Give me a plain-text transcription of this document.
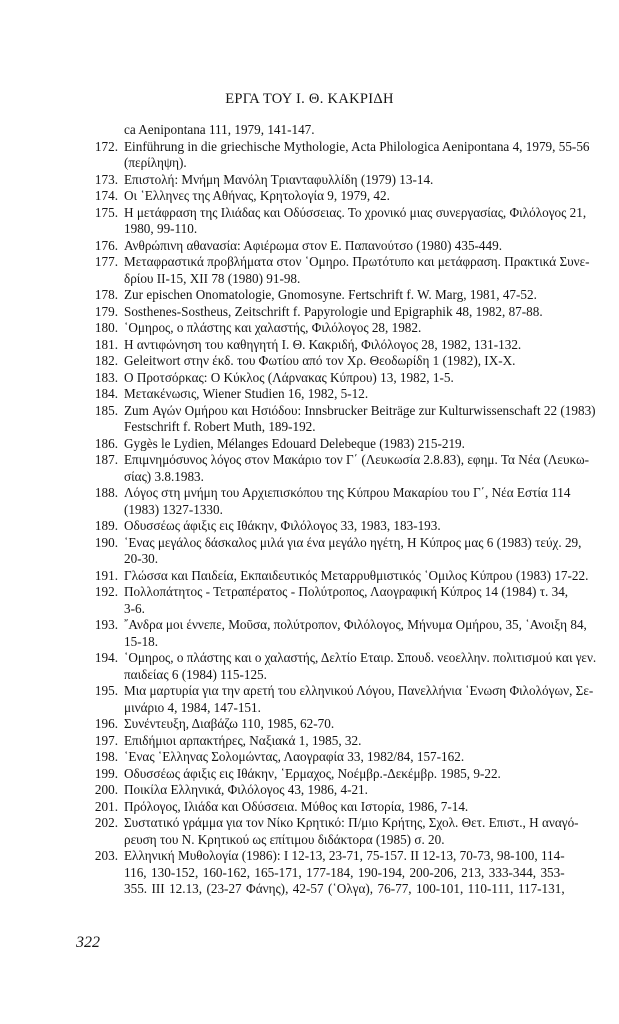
ΕΡΓΑ ΤΟΥ Ι. Θ. ΚΑΚΡΙΔΗ
ca Aenipontana 111, 1979, 141-147.
172. Einführung in die griechische Mythologie, Acta Philologica Aenipontana 4, 1979, 55-56
(περίληψη).
173. Επιστολή: Μνήμη Μανόλη Τριανταφυλλίδη (1979) 13-14.
174. Οι ῾Ελληνες της Αθήνας, Κρητολογία 9, 1979, 42.
175. Η μετάφραση της Ιλιάδας και Οδύσσειας. Το χρονικό μιας συνεργασίας, Φιλόλογος 21,
1980, 99-110.
176. Ανθρώπινη αθανασία: Αφιέρωμα στον Ε. Παπανούτσο (1980) 435-449.
177. Μεταφραστικά προβλήματα στον ῾Ομηρο. Πρωτότυπο και μετάφραση. Πρακτικά Συνε-
δρίου ΙΙ-15, ΧΙΙ 78 (1980) 91-98.
178. Zur epischen Onomatologie, Gnomosyne. Fertschrift f. W. Marg, 1981, 47-52.
179. Sosthenes-Sostheus, Zeitschrift f. Papyrologie und Epigraphik 48, 1982, 87-88.
180. ῾Ομηρος, ο πλάστης και χαλαστής, Φιλόλογος 28, 1982.
181. Η αντιφώνηση του καθηγητή Ι. Θ. Κακριδή, Φιλόλογος 28, 1982, 131-132.
182. Geleitwort στην έκδ. του Φωτίου από τον Χρ. Θεοδωρίδη 1 (1982), IX-X.
183. Ο Προτσόρκας: Ο Κύκλος (Λάρνακας Κύπρου) 13, 1982, 1-5.
184. Μετακένωσις, Wiener Studien 16, 1982, 5-12.
185. Zum Αγών Ομήρου και Ησιόδου: Innsbrucker Beiträge zur Kulturwissenschaft 22 (1983)
Festschrift f. Robert Muth, 189-192.
186. Gygès le Lydien, Mélanges Edouard Delebeque (1983) 215-219.
187. Επιμνημόσυνος λόγος στον Μακάριο τον Γ΄ (Λευκωσία 2.8.83), εφημ. Τα Νέα (Λευκω-
σίας) 3.8.1983.
188. Λόγος στη μνήμη του Αρχιεπισκόπου της Κύπρου Μακαρίου του Γ΄, Νέα Εστία 114
(1983) 1327-1330.
189. Οδυσσέως άφιξις εις Ιθάκην, Φιλόλογος 33, 1983, 183-193.
190. ῾Ενας μεγάλος δάσκαλος μιλά για ένα μεγάλο ηγέτη, Η Κύπρος μας 6 (1983) τεύχ. 29,
20-30.
191. Γλώσσα και Παιδεία, Εκπαιδευτικός Μεταρρυθμιστικός ῾Ομιλος Κύπρου (1983) 17-22.
192. Πολλοπάτητος - Τετραπέρατος - Πολύτροπος, Λαογραφική Κύπρος 14 (1984) τ. 34,
3-6.
193. ῎Ανδρα μοι έννεπε, Μοῦσα, πολύτροπον, Φιλόλογος, Μήνυμα Ομήρου, 35, ῾Ανοιξη 84,
15-18.
194. ῾Ομηρος, ο πλάστης και ο χαλαστής, Δελτίο Εταιρ. Σπουδ. νεοελλην. πολιτισμού και γεν.
παιδείας 6 (1984) 115-125.
195. Μια μαρτυρία για την αρετή του ελληνικού Λόγου, Πανελλήνια ῾Ενωση Φιλολόγων, Σε-
μινάριο 4, 1984, 147-151.
196. Συνέντευξη, Διαβάζω 110, 1985, 62-70.
197. Επιδήμιοι αρπακτήρες, Ναξιακά 1, 1985, 32.
198. ῾Ενας ῾Ελληνας Σολομώντας, Λαογραφία 33, 1982/84, 157-162.
199. Οδυσσέως άφιξις εις Ιθάκην, ῾Ερμαχος, Νοέμβρ.-Δεκέμβρ. 1985, 9-22.
200. Ποικίλα Ελληνικά, Φιλόλογος 43, 1986, 4-21.
201. Πρόλογος, Ιλιάδα και Οδύσσεια. Μύθος και Ιστορία, 1986, 7-14.
202. Συστατικό γράμμα για τον Νίκο Κρητικό: Π/μιο Κρήτης, Σχολ. Θετ. Επιστ., Η αναγό-
ρευση του Ν. Κρητικού ως επίτιμου διδάκτορα (1985) σ. 20.
203. Ελληνική Μυθολογία (1986): Ι 12-13, 23-71, 75-157. ΙΙ 12-13, 70-73, 98-100, 114-
116, 130-152, 160-162, 165-171, 177-184, 190-194, 200-206, 213, 333-344, 353-
355. ΙΙΙ 12.13, (23-27 Φάνης), 42-57 (῾Ολγα), 76-77, 100-101, 110-111, 117-131,
322
